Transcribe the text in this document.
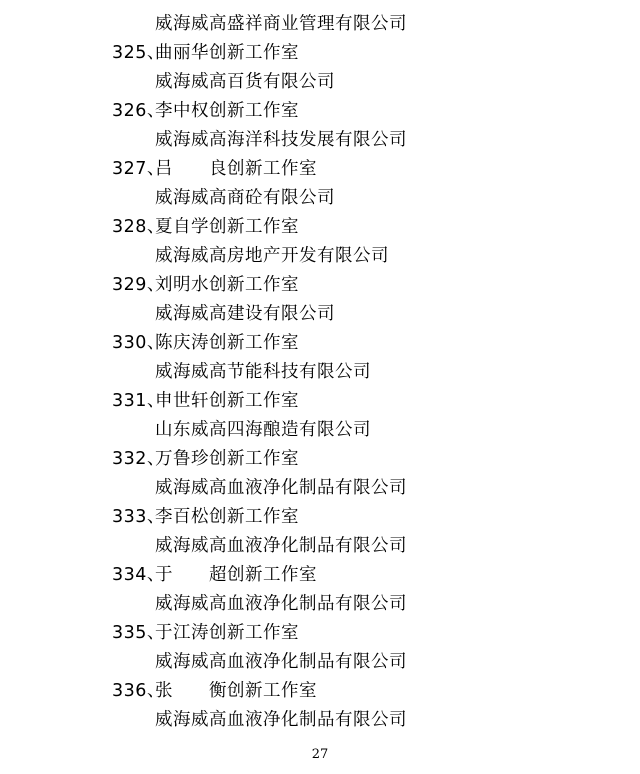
威海威高盛祥商业管理有限公司
325、
曲丽华创新工作室
威海威高百货有限公司
326、
李中权创新工作室
威海威高海洋科技发展有限公司
327、
吕　　良创新工作室
威海威高商砼有限公司
328、
夏自学创新工作室
威海威高房地产开发有限公司
329、
刘明水创新工作室
威海威高建设有限公司
330、
陈庆涛创新工作室
威海威高节能科技有限公司
331、
申世轩创新工作室
山东威高四海酿造有限公司
332、
万鲁珍创新工作室
威海威高血液净化制品有限公司
333、
李百松创新工作室
威海威高血液净化制品有限公司
334、
于　　超创新工作室
威海威高血液净化制品有限公司
335、
于江涛创新工作室
威海威高血液净化制品有限公司
336、
张　　衡创新工作室
威海威高血液净化制品有限公司
27
